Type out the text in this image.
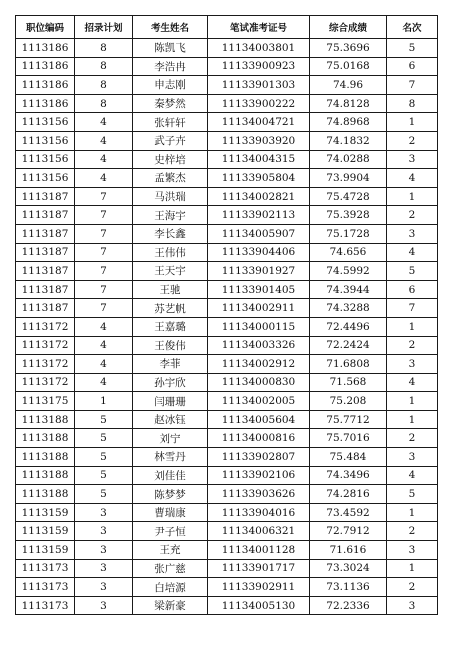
职位编码	招录计划	考生姓名	笔试准考证号	综合成绩	名次
1113186	8	陈凯飞	11134003801	75.3696	5
1113186	8	李浩冉	11133900923	75.0168	6
1113186	8	申志刚	11133901303	74.96	7
1113186	8	秦梦然	11133900222	74.8128	8
1113156	4	张轩轩	11134004721	74.8968	1
1113156	4	武子卉	11133903920	74.1832	2
1113156	4	史梓培	11134004315	74.0288	3
1113156	4	孟繁杰	11133905804	73.9904	4
1113187	7	马洪瑞	11134002821	75.4728	1
1113187	7	王海宇	11133902113	75.3928	2
1113187	7	李长鑫	11134005907	75.1728	3
1113187	7	王伟伟	11133904406	74.656	4
1113187	7	王天宇	11133901927	74.5992	5
1113187	7	王驰	11133901405	74.3944	6
1113187	7	苏艺帆	11134002911	74.3288	7
1113172	4	王嘉璐	11134000115	72.4496	1
1113172	4	王俊伟	11134003326	72.2424	2
1113172	4	李菲	11134002912	71.6808	3
1113172	4	孙宇欣	11134000830	71.568	4
1113175	1	闫珊珊	11134002005	75.208	1
1113188	5	赵冰钰	11134005604	75.7712	1
1113188	5	刘宁	11134000816	75.7016	2
1113188	5	林雪丹	11133902807	75.484	3
1113188	5	刘佳佳	11133902106	74.3496	4
1113188	5	陈梦梦	11133903626	74.2816	5
1113159	3	曹瑞康	11133904016	73.4592	1
1113159	3	尹子恒	11134006321	72.7912	2
1113159	3	王充	11134001128	71.616	3
1113173	3	张广慈	11133901717	73.3024	1
1113173	3	白培源	11133902911	73.1136	2
1113173	3	梁新豪	11134005130	72.2336	3
